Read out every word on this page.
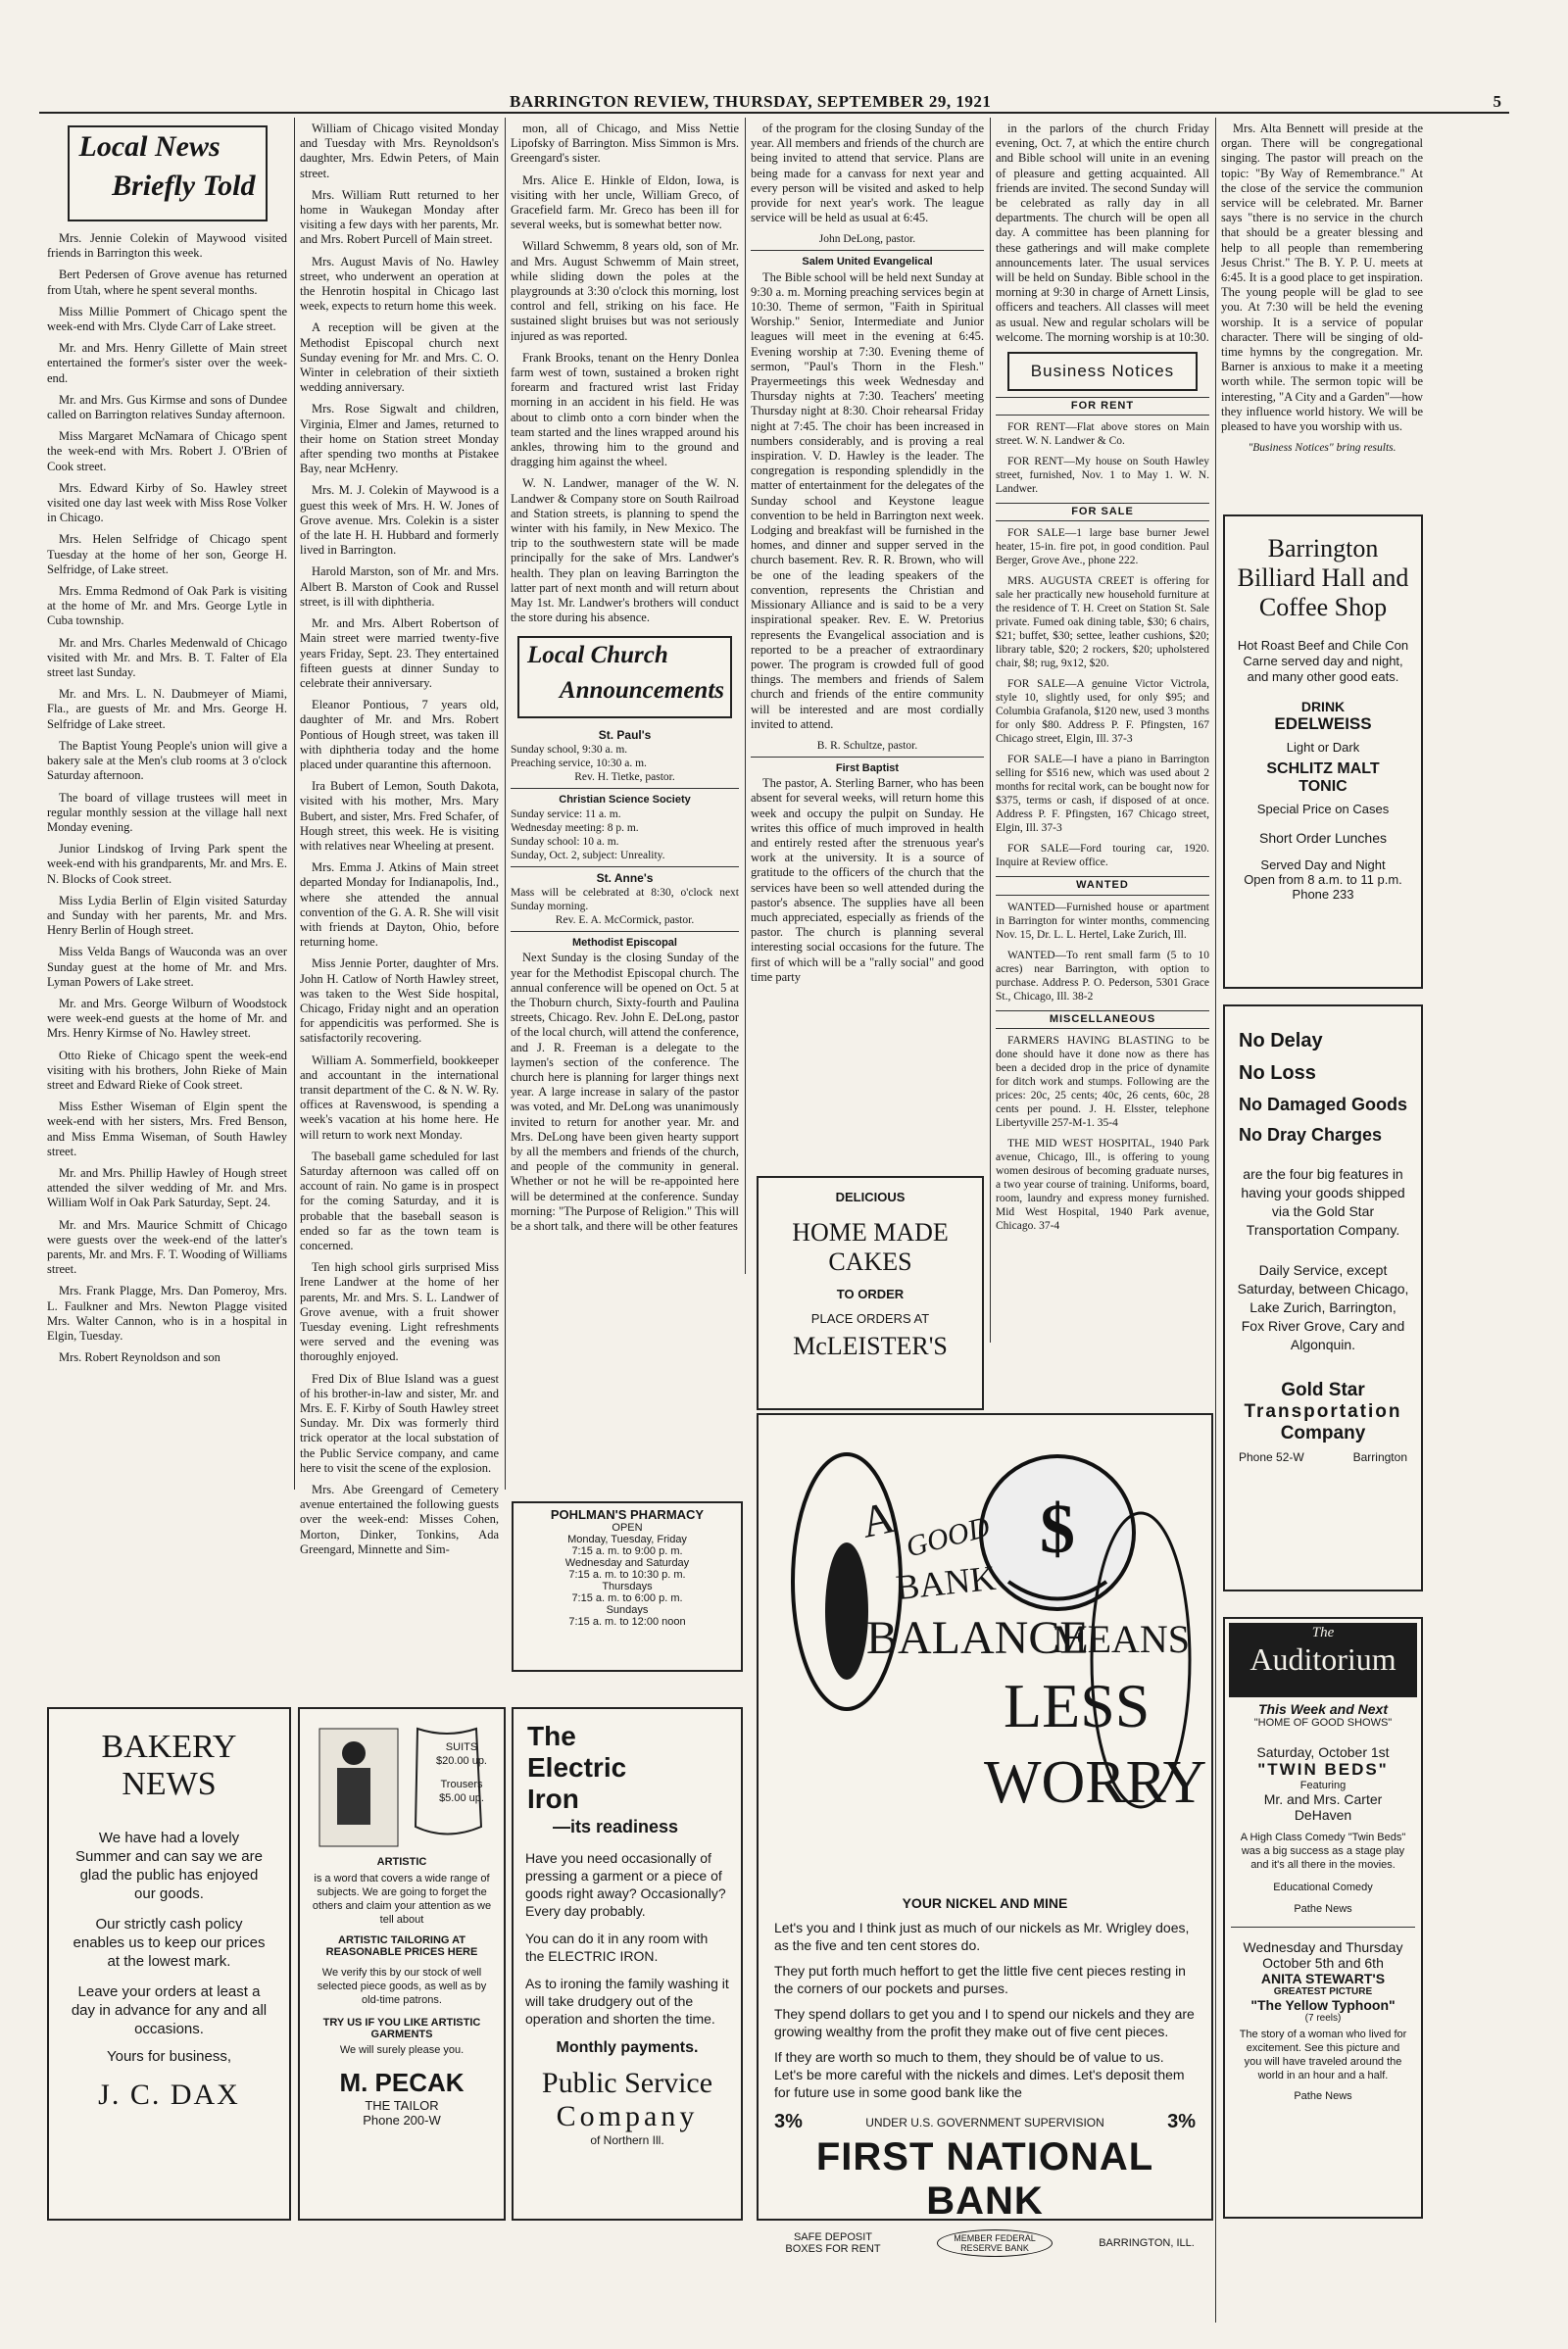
BARRINGTON REVIEW, THURSDAY, SEPTEMBER 29, 1921	5
Local News
Briefly Told

Mrs. Jennie Colekin of Maywood visited friends in Barrington this week.

Bert Pedersen of Grove avenue has returned from Utah, where he spent several months.

Miss Millie Pommert of Chicago spent the week-end with Mrs. Clyde Carr of Lake street.

Mr. and Mrs. Henry Gillette of Main street entertained the former's sister over the week-end.

Mr. and Mrs. Gus Kirmse and sons of Dundee called on Barrington relatives Sunday afternoon.

Miss Margaret McNamara of Chicago spent the week-end with Mrs. Robert J. O'Brien of Cook street.

Mrs. Edward Kirby of So. Hawley street visited one day last week with Miss Rose Volker in Chicago.

Mrs. Helen Selfridge of Chicago spent Tuesday at the home of her son, George H. Selfridge, of Lake street.

Mrs. Emma Redmond of Oak Park is visiting at the home of Mr. and Mrs. George Lytle in Cuba township.

Mr. and Mrs. Charles Medenwald of Chicago visited with Mr. and Mrs. B. T. Falter of Ela street last Sunday.

Mr. and Mrs. L. N. Daubmeyer of Miami, Fla., are guests of Mr. and Mrs. George H. Selfridge of Lake street.

The Baptist Young People's union will give a bakery sale at the Men's club rooms at 3 o'clock Saturday afternoon.

The board of village trustees will meet in regular monthly session at the village hall next Monday evening.

Junior Lindskog of Irving Park spent the week-end with his grandparents, Mr. and Mrs. E. N. Blocks of Cook street.

Miss Lydia Berlin of Elgin visited Saturday and Sunday with her parents, Mr. and Mrs. Henry Berlin of Hough street.

Miss Velda Bangs of Wauconda was an over Sunday guest at the home of Mr. and Mrs. Lyman Powers of Lake street.

Mr. and Mrs. George Wilburn of Woodstock were week-end guests at the home of Mr. and Mrs. Henry Kirmse of No. Hawley street.

Otto Rieke of Chicago spent the week-end visiting with his brothers, John Rieke of Main street and Edward Rieke of Cook street.

Miss Esther Wiseman of Elgin spent the week-end with her sisters, Mrs. Fred Benson, and Miss Emma Wiseman, of South Hawley street.

Mr. and Mrs. Phillip Hawley of Hough street attended the silver wedding of Mr. and Mrs. William Wolf in Oak Park Saturday, Sept. 24.

Mr. and Mrs. Maurice Schmitt of Chicago were guests over the week-end of the latter's parents, Mr. and Mrs. F. T. Wooding of Williams street.

Mrs. Frank Plagge, Mrs. Dan Pomeroy, Mrs. L. Faulkner and Mrs. Newton Plagge visited Mrs. Walter Cannon, who is in a hospital in Elgin, Tuesday.

Mrs. Robert Reynoldson and son

William of Chicago visited Monday and Tuesday with Mrs. Reynoldson's daughter, Mrs. Edwin Peters, of Main street.

Mrs. William Rutt returned to her home in Waukegan Monday after visiting a few days with her parents, Mr. and Mrs. Robert Purcell of Main street.

Mrs. August Mavis of No. Hawley street, who underwent an operation at the Henrotin hospital in Chicago last week, expects to return home this week.

A reception will be given at the Methodist Episcopal church next Sunday evening for Mr. and Mrs. C. O. Winter in celebration of their sixtieth wedding anniversary.

Mrs. Rose Sigwalt and children, Virginia, Elmer and James, returned to their home on Station street Monday after spending two months at Pistakee Bay, near McHenry.

Mrs. M. J. Colekin of Maywood is a guest this week of Mrs. H. W. Jones of Grove avenue. Mrs. Colekin is a sister of the late H. H. Hubbard and formerly lived in Barrington.

Harold Marston, son of Mr. and Mrs. Albert B. Marston of Cook and Russel street, is ill with diphtheria.

Mr. and Mrs. Albert Robertson of Main street were married twenty-five years Friday, Sept. 23. They entertained fifteen guests at dinner Sunday to celebrate their anniversary.

Eleanor Pontious, 7 years old, daughter of Mr. and Mrs. Robert Pontious of Hough street, was taken ill with diphtheria today and the home placed under quarantine this afternoon.

Ira Bubert of Lemon, South Dakota, visited with his mother, Mrs. Mary Bubert, and sister, Mrs. Fred Schafer, of Hough street, this week. He is visiting with relatives near Wheeling at present.

Mrs. Emma J. Atkins of Main street departed Monday for Indianapolis, Ind., where she attended the annual convention of the G. A. R. She will visit with friends at Dayton, Ohio, before returning home.

Miss Jennie Porter, daughter of Mrs. John H. Catlow of North Hawley street, was taken to the West Side hospital, Chicago, Friday night and an operation for appendicitis was performed. She is satisfactorily recovering.

William A. Sommerfield, bookkeeper and accountant in the international transit department of the C. & N. W. Ry. offices at Ravenswood, is spending a week's vacation at his home here. He will return to work next Monday.

The baseball game scheduled for last Saturday afternoon was called off on account of rain. No game is in prospect for the coming Saturday, and it is probable that the baseball season is ended so far as the town team is concerned.

Ten high school girls surprised Miss Irene Landwer at the home of her parents, Mr. and Mrs. S. L. Landwer of Grove avenue, with a fruit shower Tuesday evening. Light refreshments were served and the evening was thoroughly enjoyed.

Fred Dix of Blue Island was a guest of his brother-in-law and sister, Mr. and Mrs. E. F. Kirby of South Hawley street Sunday. Mr. Dix was formerly third trick operator at the local substation of the Public Service company, and came here to visit the scene of the explosion.

Mrs. Abe Greengard of Cemetery avenue entertained the following guests over the week-end: Misses Cohen, Morton, Dinker, Tonkins, Ada Greengard, Minnette and Sim-

mon, all of Chicago, and Miss Nettie Lipofsky of Barrington. Miss Simmon is Mrs. Greengard's sister.

Mrs. Alice E. Hinkle of Eldon, Iowa, is visiting with her uncle, William Greco, of Gracefield farm. Mr. Greco has been ill for several weeks, but is somewhat better now.

Willard Schwemm, 8 years old, son of Mr. and Mrs. August Schwemm of Main street, while sliding down the poles at the playgrounds at 3:30 o'clock this morning, lost control and fell, striking on his face. He sustained slight bruises but was not seriously injured as was reported.

Frank Brooks, tenant on the Henry Donlea farm west of town, sustained a broken right forearm and fractured wrist last Friday morning in an accident in his field. He was about to climb onto a corn binder when the team started and the lines wrapped around his ankles, throwing him to the ground and dragging him against the wheel.

W. N. Landwer, manager of the W. N. Landwer & Company store on South Railroad and Station streets, is planning to spend the winter with his family, in New Mexico. The trip to the southwestern state will be made principally for the sake of Mrs. Landwer's health. They plan on leaving Barrington the latter part of next month and will return about May 1st. Mr. Landwer's brothers will conduct the store during his absence.

Local Church
Announcements
St. Paul's
Sunday school, 9:30 a. m.
Preaching service, 10:30 a. m.
Rev. H. Tietke, pastor.
Christian Science Society
Sunday service: 11 a. m.
Wednesday meeting: 8 p. m.
Sunday school: 10 a. m.
Sunday, Oct. 2, subject: Unreality.
St. Anne's
Mass will be celebrated at 8:30, o'clock next Sunday morning.
Rev. E. A. McCormick, pastor.
Methodist Episcopal

Next Sunday is the closing Sunday of the year for the Methodist Episcopal church. The annual conference will be opened on Oct. 5 at the Thoburn church, Sixty-fourth and Paulina streets, Chicago. Rev. John E. DeLong, pastor of the local church, will attend the conference, and J. R. Freeman is a delegate to the laymen's section of the conference. The church here is planning for larger things next year. A large increase in salary of the pastor was voted, and Mr. DeLong was unanimously invited to return for another year. Mr. and Mrs. DeLong have been given hearty support by all the members and friends of the church, and people of the community in general. Whether or not he will be re-appointed here will be determined at the conference. Sunday morning: "The Purpose of Religion." This will be a short talk, and there will be other features

of the program for the closing Sunday of the year. All members and friends of the church are being invited to attend that service. Plans are being made for a canvass for next year and every person will be visited and asked to help provide for next year's work. The league service will be held as usual at 6:45.

John DeLong, pastor.
Salem United Evangelical

The Bible school will be held next Sunday at 9:30 a. m. Morning preaching services begin at 10:30. Theme of sermon, "Faith in Spiritual Worship." Senior, Intermediate and Junior leagues will meet in the evening at 6:45. Evening worship at 7:30. Evening theme of sermon, "Paul's Thorn in the Flesh." Prayermeetings this week Wednesday and Thursday nights at 7:30. Teachers' meeting Thursday night at 8:30. Choir rehearsal Friday night at 7:45. The choir has been increased in numbers considerably, and is proving a real inspiration. V. D. Hawley is the leader. The congregation is responding splendidly in the matter of entertainment for the delegates of the Sunday school and Keystone league convention to be held in Barrington next week. Lodging and breakfast will be furnished in the homes, and dinner and supper served in the church basement. Rev. R. R. Brown, who will be one of the leading speakers of the convention, represents the Christian and Missionary Alliance and is said to be a very inspirational speaker. Rev. E. W. Pretorius represents the Evangelical association and is reported to be a preacher of extraordinary power. The program is crowded full of good things. The members and friends of Salem church and friends of the entire community will be interested and are most cordially invited to attend.

B. R. Schultze, pastor.
First Baptist

The pastor, A. Sterling Barner, who has been absent for several weeks, will return home this week and occupy the pulpit on Sunday. He writes this office of much improved in health and entirely rested after the strenuous year's work at the university. It is a source of gratitude to the officers of the church that the services have been so well attended during the pastor's absence. The supplies have all been much appreciated, especially as friends of the pastor. The church is planning several interesting social occasions for the future. The first of which will be a "rally social" and good time party

in the parlors of the church Friday evening, Oct. 7, at which the entire church and Bible school will unite in an evening of pleasure and getting acquainted. All friends are invited. The second Sunday will be celebrated as rally day in all departments. The church will be open all day. A committee has been planning for these gatherings and will make complete announcements later. The usual services will be held on Sunday. Bible school in the morning at 9:30 in charge of Arnett Linsis, officers and teachers. All classes will meet as usual. New and regular scholars will be welcome. The morning worship is at 10:30.

Business Notices
FOR RENT

FOR RENT—Flat above stores on Main street. W. N. Landwer & Co.

FOR RENT—My house on South Hawley street, furnished, Nov. 1 to May 1. W. N. Landwer.

FOR SALE

FOR SALE—1 large base burner Jewel heater, 15-in. fire pot, in good condition. Paul Berger, Grove Ave., phone 222.

MRS. AUGUSTA CREET is offering for sale her practically new household furniture at the residence of T. H. Creet on Station St. Sale private. Fumed oak dining table, $30; 6 chairs, $21; buffet, $30; settee, leather cushions, $20; library table, $20; 2 rockers, $20; upholstered chair, $8; rug, 9x12, $20.

FOR SALE—A genuine Victor Victrola, style 10, slightly used, for only $95; and Columbia Grafanola, $120 new, used 3 months for only $80. Address P. F. Pfingsten, 167 Chicago street, Elgin, Ill. 37-3

FOR SALE—I have a piano in Barrington selling for $516 new, which was used about 2 months for recital work, can be bought now for $375, terms or cash, if disposed of at once. Address P. F. Pfingsten, 167 Chicago street, Elgin, Ill. 37-3

FOR SALE—Ford touring car, 1920. Inquire at Review office.

WANTED

WANTED—Furnished house or apartment in Barrington for winter months, commencing Nov. 15, Dr. L. L. Hertel, Lake Zurich, Ill.

WANTED—To rent small farm (5 to 10 acres) near Barrington, with option to purchase. Address P. O. Pederson, 5301 Grace St., Chicago, Ill. 38-2

MISCELLANEOUS

FARMERS HAVING BLASTING to be done should have it done now as there has been a decided drop in the price of dynamite for ditch work and stumps. Following are the prices: 20c, 25 cents; 40c, 26 cents, 60c, 28 cents per pound. J. H. Elsster, telephone Libertyville 257-M-1. 35-4

THE MID WEST HOSPITAL, 1940 Park avenue, Chicago, Ill., is offering to young women desirous of becoming graduate nurses, a two year course of training. Uniforms, board, room, laundry and express money furnished. Mid West Hospital, 1940 Park avenue, Chicago. 37-4

Mrs. Alta Bennett will preside at the organ. There will be congregational singing. The pastor will preach on the topic: "By Way of Remembrance." At the close of the service the communion service will be celebrated. Mr. Barner says "there is no service in the church that should be a greater blessing and help to all people than remembering Jesus Christ." The B. Y. P. U. meets at 6:45. It is a good place to get inspiration. The young people will be glad to see you. At 7:30 will be held the evening worship. It is a service of popular character. There will be singing of old-time hymns by the congregation. Mr. Barner is anxious to make it a meeting worth while. The sermon topic will be interesting, "A City and a Garden"—how they influence world history. We will be pleased to have you worship with us.

"Business Notices" bring results.
Barrington
Billiard Hall and
Coffee Shop
Hot Roast Beef and Chile Con Carne served day and night, and many other good eats.
DRINK
EDELWEISS
Light or Dark
SCHLITZ MALT
TONIC
Special Price on Cases
Short Order Lunches
Served Day and Night
Open from 8 a.m. to 11 p.m.
Phone 233
No Delay
No Loss
No Damaged Goods
No Dray Charges
are the four big features in having your goods shipped via the Gold Star Transportation Company.
Daily Service, except Saturday, between Chicago, Lake Zurich, Barrington, Fox River Grove, Cary and Algonquin.
Gold Star
Transportation
Company
Phone 52-W	Barrington
The
Auditorium
This Week and Next
"HOME OF GOOD SHOWS"
Saturday, October 1st
"TWIN BEDS"
Featuring
Mr. and Mrs. Carter DeHaven
A High Class Comedy "Twin Beds" was a big success as a stage play and it's all there in the movies.
Educational Comedy
Pathe News
Wednesday and Thursday
October 5th and 6th
ANITA STEWART'S
GREATEST PICTURE
"The Yellow Typhoon"
(7 reels)
The story of a woman who lived for excitement. See this picture and you will have traveled around the world in an hour and a half.
Pathe News
DELICIOUS
HOME MADE
CAKES
TO ORDER
PLACE ORDERS AT
McLEISTER'S
POHLMAN'S PHARMACY
OPEN
Monday, Tuesday, Friday
7:15 a. m. to 9:00 p. m.
Wednesday and Saturday
7:15 a. m. to 10:30 p. m.
Thursdays
7:15 a. m. to 6:00 p. m.
Sundays
7:15 a. m. to 12:00 noon
BAKERY
NEWS
We have had a lovely Summer and can say we are glad the public has enjoyed our goods.
Our strictly cash policy enables us to keep our prices at the lowest mark.
Leave your orders at least a day in advance for any and all occasions.
Yours for business,
J. C. DAX
SUITS $20.00 up.
Trousers $5.00 up.
ARTISTIC
is a word that covers a wide range of subjects. We are going to forget the others and claim your attention as we tell about
ARTISTIC TAILORING AT REASONABLE PRICES HERE
We verify this by our stock of well selected piece goods, as well as by old-time patrons.
TRY US IF YOU LIKE ARTISTIC GARMENTS
We will surely please you.
M. PECAK
THE TAILOR
Phone 200-W
The
Electric
Iron
—its readiness
Have you need occasionally of pressing a garment or a piece of goods right away? Occasionally? Every day probably.
You can do it in any room with the ELECTRIC IRON.
As to ironing the family washing it will take drudgery out of the operation and shorten the time.
Monthly payments.
Public Service
Company
of Northern Ill.
$
A GOOD
BANK
BALANCE
MEANS
LESS
WORRY
YOUR NICKEL AND MINE
Let's you and I think just as much of our nickels as Mr. Wrigley does, as the five and ten cent stores do.
They put forth much heffort to get the little five cent pieces resting in the corners of our pockets and purses.
They spend dollars to get you and I to spend our nickels and they are growing wealthy from the profit they make out of five cent pieces.
If they are worth so much to them, they should be of value to us. Let's be more careful with the nickels and dimes. Let's deposit them for future use in some good bank like the
3%	UNDER U.S. GOVERNMENT SUPERVISION	3%
FIRST NATIONAL BANK
SAFE DEPOSIT BOXES FOR RENT
MEMBER FEDERAL RESERVE BANK	BARRINGTON, ILL.
